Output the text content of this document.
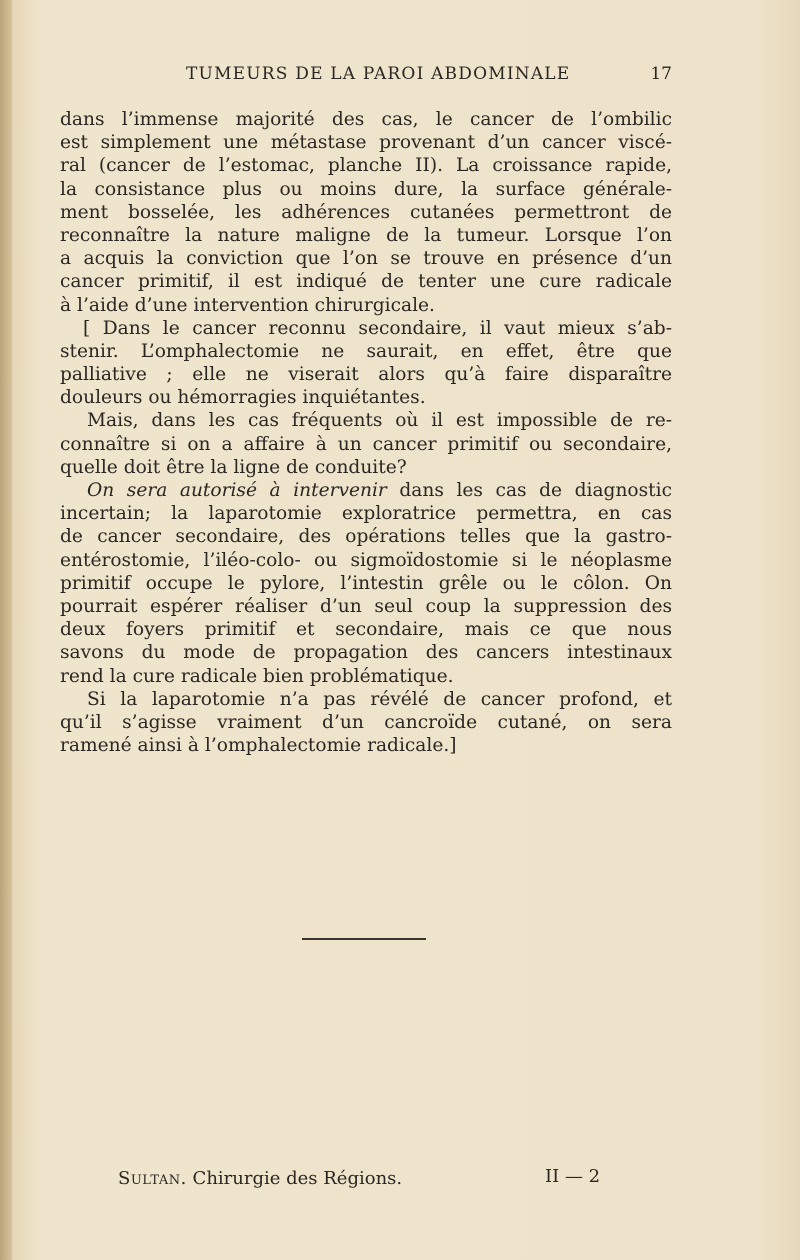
TUMEURS DE LA PAROI ABDOMINALE	17
dans l’immense majorité des cas, le cancer de l’ombilic
est simplement une métastase provenant d’un cancer viscé-
ral (cancer de l’estomac, planche II). La croissance rapide,
la consistance plus ou moins dure, la surface générale-
ment bosselée, les adhérences cutanées permettront de
reconnaître la nature maligne de la tumeur. Lorsque l’on
a acquis la conviction que l’on se trouve en présence d’un
cancer primitif, il est indiqué de tenter une cure radicale
à l’aide d’une intervention chirurgicale.
[ Dans le cancer reconnu secondaire, il vaut mieux s’ab-
stenir. L’omphalectomie ne saurait, en effet, être que
palliative ; elle ne viserait alors qu’à faire disparaître
douleurs ou hémorragies inquiétantes.
Mais, dans les cas fréquents où il est impossible de re-
connaître si on a affaire à un cancer primitif ou secondaire,
quelle doit être la ligne de conduite?
On sera autorisé à intervenir dans les cas de diagnostic
incertain; la laparotomie exploratrice permettra, en cas
de cancer secondaire, des opérations telles que la gastro-
entérostomie, l’iléo-colo- ou sigmoïdostomie si le néoplasme
primitif occupe le pylore, l’intestin grêle ou le côlon. On
pourrait espérer réaliser d’un seul coup la suppression des
deux foyers primitif et secondaire, mais ce que nous
savons du mode de propagation des cancers intestinaux
rend la cure radicale bien problématique.
Si la laparotomie n’a pas révélé de cancer profond, et
qu’il s’agisse vraiment d’un cancroïde cutané, on sera
ramené ainsi à l’omphalectomie radicale.]
Sultan. Chirurgie des Régions.	II — 2
